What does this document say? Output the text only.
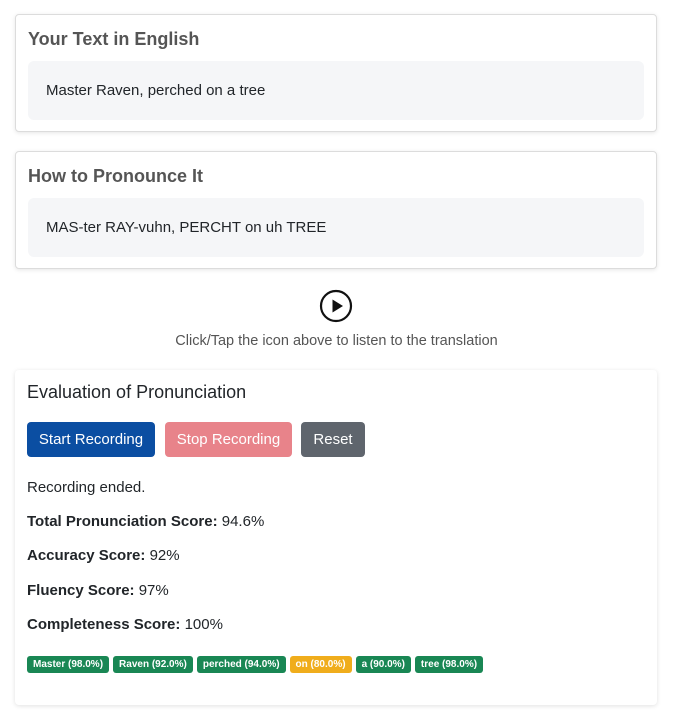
Your Text in English
Master Raven, perched on a tree
How to Pronounce It
MAS-ter RAY-vuhn, PERCHT on uh TREE
Click/Tap the icon above to listen to the translation
Evaluation of Pronunciation
Start Recording	Stop Recording	Reset
Recording ended.
Total Pronunciation Score: 94.6%
Accuracy Score: 92%
Fluency Score: 97%
Completeness Score: 100%
Master (98.0%)	Raven (92.0%)	perched (94.0%)	on (80.0%)	a (90.0%)	tree (98.0%)
